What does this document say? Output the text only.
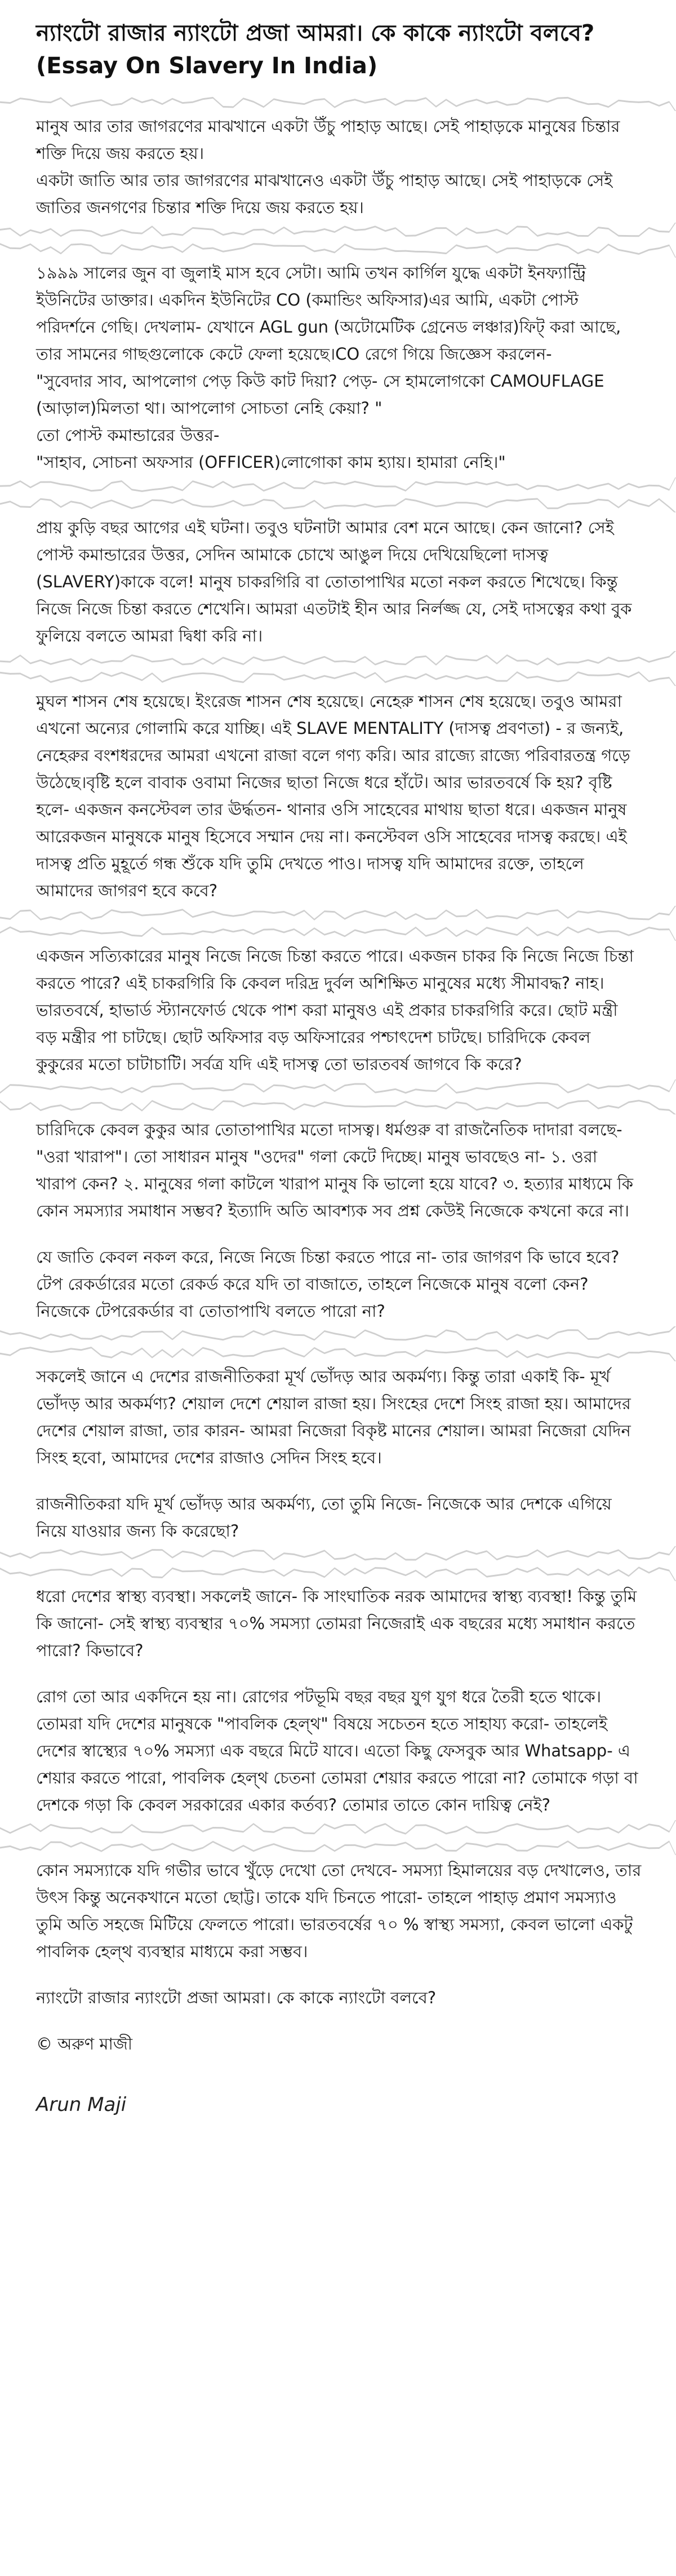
ন্যাংটো রাজার ন্যাংটো প্রজা আমরা। কে কাকে ন্যাংটো বলবে? (Essay On Slavery In India)

মানুষ আর তার জাগরণের মাঝখানে একটা উঁচু পাহাড় আছে। সেই পাহাড়কে মানুষের চিন্তার শক্তি দিয়ে জয় করতে হয়।
একটা জাতি আর তার জাগরণের মাঝখানেও একটা উঁচু পাহাড় আছে। সেই পাহাড়কে সেই জাতির জনগণের চিন্তার শক্তি দিয়ে জয় করতে হয়।

১৯৯৯ সালের জুন বা জুলাই মাস হবে সেটা। আমি তখন কার্গিল যুদ্ধে একটা ইনফ্যান্ট্রি ইউনিটের ডাক্তার। একদিন ইউনিটের CO (কমান্ডিং অফিসার)এর আমি, একটা পোস্ট পরিদর্শনে গেছি। দেখলাম- যেখানে AGL gun (অটোমেটিক গ্রেনেড লঞ্চার)ফিট্ করা আছে, তার সামনের গাছগুলোকে কেটে ফেলা হয়েছে।CO রেগে গিয়ে জিজ্ঞেস করলেন-
"সুবেদার সাব, আপলোগ পেড় কিউ কাট দিয়া? পেড়- সে হামলোগকো CAMOUFLAGE (আড়াল)মিলতা থা। আপলোগ সোচতা নেহি কেয়া? "
তো পোস্ট কমান্ডারের উত্তর-
"সাহাব, সোচনা অফসার (OFFICER)লোগোকা কাম হ্যায়। হামারা নেহি।"

প্রায় কুড়ি বছর আগের এই ঘটনা। তবুও ঘটনাটা আমার বেশ মনে আছে। কেন জানো? সেই পোস্ট কমান্ডারের উত্তর, সেদিন আমাকে চোখে আঙুল দিয়ে দেখিয়েছিলো দাসত্ব (SLAVERY)কাকে বলে! মানুষ চাকরগিরি বা তোতাপাখির মতো নকল করতে শিখেছে। কিন্তু নিজে নিজে চিন্তা করতে শেখেনি। আমরা এতটাই হীন আর নির্লজ্জ যে, সেই দাসত্বের কথা বুক ফুলিয়ে বলতে আমরা দ্বিধা করি না।

মুঘল শাসন শেষ হয়েছে। ইংরেজ শাসন শেষ হয়েছে। নেহেরু শাসন শেষ হয়েছে। তবুও আমরা এখনো অন্যের গোলামি করে যাচ্ছি। এই SLAVE MENTALITY (দাসত্ব প্রবণতা) - র জন্যই, নেহেরুর বংশধরদের আমরা এখনো রাজা বলে গণ্য করি। আর রাজ্যে রাজ্যে পরিবারতন্ত্র গড়ে উঠেছে।বৃষ্টি হলে বাবাক ওবামা নিজের ছাতা নিজে ধরে হাঁটে। আর ভারতবর্ষে কি হয়? বৃষ্টি হলে- একজন কনস্টেবল তার ঊর্দ্ধতন- থানার ওসি সাহেবের মাথায় ছাতা ধরে। একজন মানুষ আরেকজন মানুষকে মানুষ হিসেবে সম্মান দেয় না। কনস্টেবল ওসি সাহেবের দাসত্ব করছে। এই দাসত্ব প্রতি মুহূর্তে গন্ধ শুঁকে যদি তুমি দেখতে পাও। দাসত্ব যদি আমাদের রক্তে, তাহলে আমাদের জাগরণ হবে কবে?

একজন সত্যিকারের মানুষ নিজে নিজে চিন্তা করতে পারে। একজন চাকর কি নিজে নিজে চিন্তা করতে পারে? এই চাকরগিরি কি কেবল দরিদ্র দুর্বল অশিক্ষিত মানুষের মধ্যে সীমাবদ্ধ? নাহ। ভারতবর্ষে, হাভার্ড স্ট্যানফোর্ড থেকে পাশ করা মানুষও এই প্রকার চাকরগিরি করে। ছোট মন্ত্রী বড় মন্ত্রীর পা চাটছে। ছোট অফিসার বড় অফিসারের পশ্চাৎদেশ চাটছে। চারিদিকে কেবল কুকুরের মতো চাটাচাটি। সর্বত্র যদি এই দাসত্ব তো ভারতবর্ষ জাগবে কি করে?

চারিদিকে কেবল কুকুর আর তোতাপাখির মতো দাসত্ব। ধর্মগুরু বা রাজনৈতিক দাদারা বলছে- "ওরা খারাপ"। তো সাধারন মানুষ "ওদের" গলা কেটে দিচ্ছে। মানুষ ভাবছেও না- ১. ওরা খারাপ কেন? ২. মানুষের গলা কাটলে খারাপ মানুষ কি ভালো হয়ে যাবে? ৩. হত্যার মাধ্যমে কি কোন সমস্যার সমাধান সম্ভব? ইত্যাদি অতি আবশ্যক সব প্রশ্ন কেউই নিজেকে কখনো করে না।

যে জাতি কেবল নকল করে, নিজে নিজে চিন্তা করতে পারে না- তার জাগরণ কি ভাবে হবে? টেপ রেকর্ডারের মতো রেকর্ড করে যদি তা বাজাতে, তাহলে নিজেকে মানুষ বলো কেন? নিজেকে টেপরেকর্ডার বা তোতাপাখি বলতে পারো না?

সকলেই জানে এ দেশের রাজনীতিকরা মূর্খ ভোঁদড় আর অকর্মণ্য। কিন্তু তারা একাই কি- মূর্খ ভোঁদড় আর অকর্মণ্য? শেয়াল দেশে শেয়াল রাজা হয়। সিংহের দেশে সিংহ রাজা হয়। আমাদের দেশের শেয়াল রাজা, তার কারন- আমরা নিজেরা বিকৃষ্ট মানের শেয়াল। আমরা নিজেরা যেদিন সিংহ হবো, আমাদের দেশের রাজাও সেদিন সিংহ হবে।

রাজনীতিকরা যদি মূর্খ ভোঁদড় আর অকর্মণ্য, তো তুমি নিজে- নিজেকে আর দেশকে এগিয়ে নিয়ে যাওয়ার জন্য কি করেছো?

ধরো দেশের স্বাস্থ্য ব্যবস্থা। সকলেই জানে- কি সাংঘাতিক নরক আমাদের স্বাস্থ্য ব্যবস্থা! কিন্তু তুমি কি জানো- সেই স্বাস্থ্য ব্যবস্থার ৭০% সমস্যা তোমরা নিজেরাই এক বছরের মধ্যে সমাধান করতে পারো? কিভাবে?

রোগ তো আর একদিনে হয় না। রোগের পটভূমি বছর বছর যুগ যুগ ধরে তৈরী হতে থাকে। তোমরা যদি দেশের মানুষকে "পাবলিক হেল্থ" বিষয়ে সচেতন হতে সাহায্য করো- তাহলেই দেশের স্বাস্থ্যের ৭০% সমস্যা এক বছরে মিটে যাবে। এতো কিছু ফেসবুক আর Whatsapp- এ শেয়ার করতে পারো, পাবলিক হেল্থ চেতনা তোমরা শেয়ার করতে পারো না? তোমাকে গড়া বা দেশকে গড়া কি কেবল সরকারের একার কর্তব্য? তোমার তাতে কোন দায়িত্ব নেই?

কোন সমস্যাকে যদি গভীর ভাবে খুঁড়ে দেখো তো দেখবে- সমস্যা হিমালয়ের বড় দেখালেও, তার উৎস কিন্তু অনেকখানে মতো ছোট্ট। তাকে যদি চিনতে পারো- তাহলে পাহাড় প্রমাণ সমস্যাও তুমি অতি সহজে মিটিয়ে ফেলতে পারো। ভারতবর্ষের ৭০ % স্বাস্থ্য সমস্যা, কেবল ভালো একটু পাবলিক হেল্থ ব্যবস্থার মাধ্যমে করা সম্ভব।

ন্যাংটো রাজার ন্যাংটো প্রজা আমরা। কে কাকে ন্যাংটো বলবে?

© অরুণ মাজী
Arun Maji
